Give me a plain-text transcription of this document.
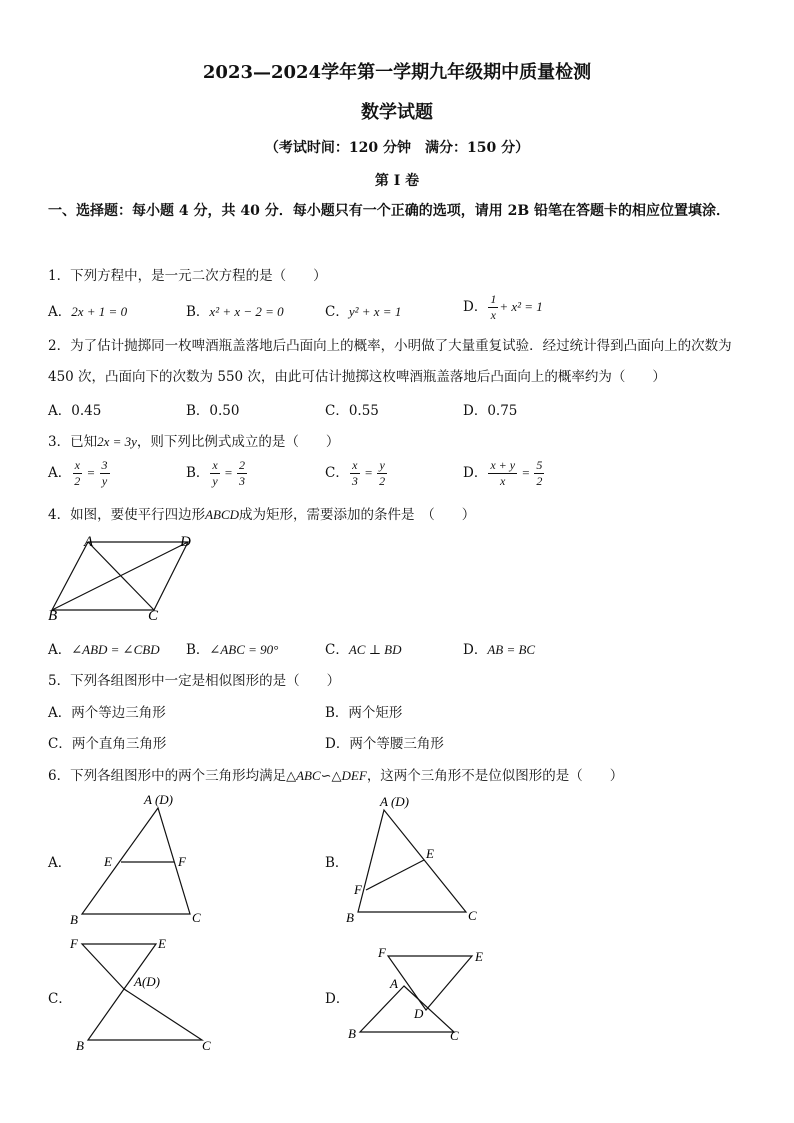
2023—2024学年第一学期九年级期中质量检测
数学试题
（考试时间：120 分钟　满分：150 分）
第 I 卷
一、选择题：每小题 4 分，共 40 分．每小题只有一个正确的选项，请用 2B 铅笔在答题卡的相应位置填涂．
1．下列方程中，是一元二次方程的是（　　）
A．2x + 1 = 0	B．x² + x − 2 = 0	C．y² + x = 1	D． $\frac{1}{x} + x^2 = 1$
2．为了估计抛掷同一枚啤酒瓶盖落地后凸面向上的概率，小明做了大量重复试验．经过统计得到凸面向上的次数为 450 次，凸面向下的次数为 550 次，由此可估计抛掷这枚啤酒瓶盖落地后凸面向上的概率约为（　　）
A．0.45	B．0.50	C．0.55	D．0.75
3．已知2x = 3y，则下列比例式成立的是（　　）
A． $\frac{x}{2} = \frac{3}{y}$	B． $\frac{x}{y} = \frac{2}{3}$	C． $\frac{x}{3} = \frac{y}{2}$	D． $\frac{x + y}{x} = \frac{5}{2}$
4．如图，要使平行四边形ABCD成为矩形，需要添加的条件是　（　　）
A	D
B	C
A．∠ABD = ∠CBD B．∠ABC = 90°	C．AC ⊥ BD	D．AB = BC
5．下列各组图形中一定是相似图形的是（　　）
A．两个等边三角形	B．两个矩形
C．两个直角三角形	D．两个等腰三角形
6．下列各组图形中的两个三角形均满足△ABC∽△DEF，这两个三角形不是位似图形的是（　　）
A．
A (D)
E	F
B	C
B．
A (D)
E
F
B	C
C．
F	E
A(D)
B	C
D．
F	E
A
D
B	C
